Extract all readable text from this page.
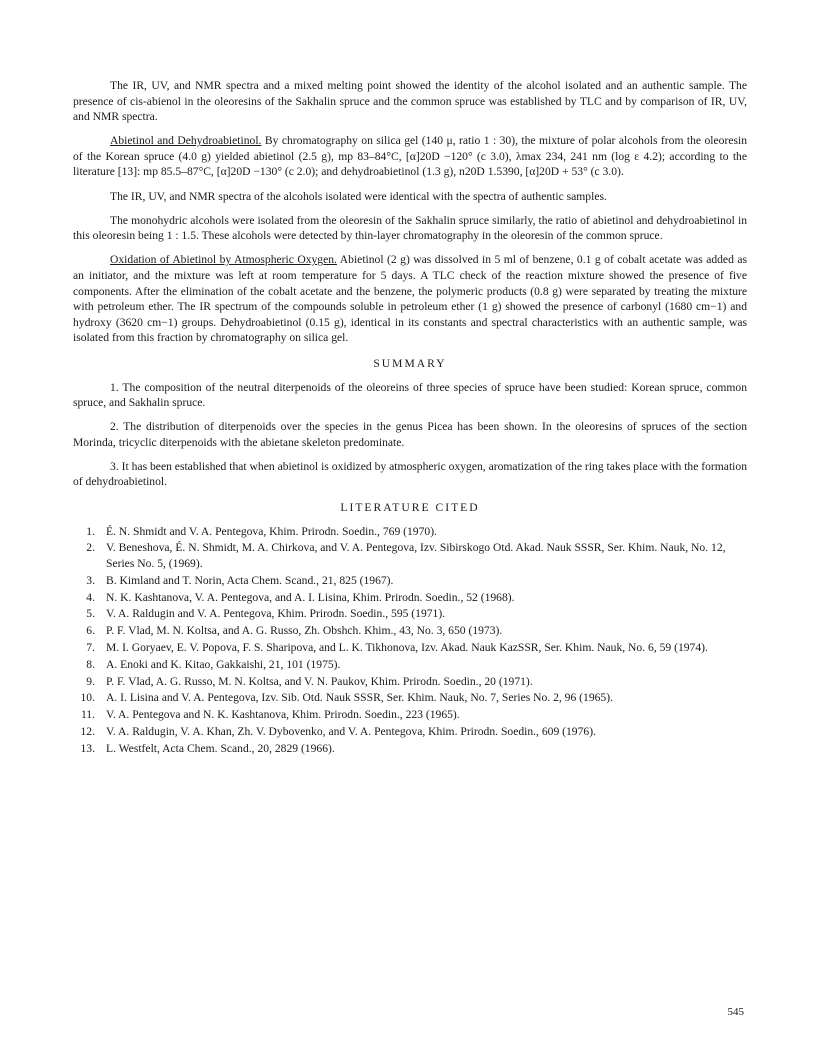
The IR, UV, and NMR spectra and a mixed melting point showed the identity of the alcohol isolated and an authentic sample. The presence of cis-abienol in the oleoresins of the Sakhalin spruce and the common spruce was established by TLC and by comparison of IR, UV, and NMR spectra.

Abietinol and Dehydroabietinol. By chromatography on silica gel (140 μ, ratio 1 : 30), the mixture of polar alcohols from the oleoresin of the Korean spruce (4.0 g) yielded abietinol (2.5 g), mp 83–84°C, [α]20D −120° (c 3.0), λmax 234, 241 nm (log ε 4.2); according to the literature [13]: mp 85.5–87°C, [α]20D −130° (c 2.0); and dehydroabietinol (1.3 g), n20D 1.5390, [α]20D + 53° (c 3.0).

The IR, UV, and NMR spectra of the alcohols isolated were identical with the spectra of authentic samples.

The monohydric alcohols were isolated from the oleoresin of the Sakhalin spruce similarly, the ratio of abietinol and dehydroabietinol in this oleoresin being 1 : 1.5. These alcohols were detected by thin-layer chromatography in the oleoresin of the common spruce.

Oxidation of Abietinol by Atmospheric Oxygen. Abietinol (2 g) was dissolved in 5 ml of benzene, 0.1 g of cobalt acetate was added as an initiator, and the mixture was left at room temperature for 5 days. A TLC check of the reaction mixture showed the presence of five components. After the elimination of the cobalt acetate and the benzene, the polymeric products (0.8 g) were separated by treating the mixture with petroleum ether. The IR spectrum of the compounds soluble in petroleum ether (1 g) showed the presence of carbonyl (1680 cm−1) and hydroxy (3620 cm−1) groups. Dehydroabietinol (0.15 g), identical in its constants and spectral characteristics with an authentic sample, was isolated from this fraction by chromatography on silica gel.

SUMMARY

1. The composition of the neutral diterpenoids of the oleoreins of three species of spruce have been studied: Korean spruce, common spruce, and Sakhalin spruce.

2. The distribution of diterpenoids over the species in the genus Picea has been shown. In the oleoresins of spruces of the section Morinda, tricyclic diterpenoids with the abietane skeleton predominate.

3. It has been established that when abietinol is oxidized by atmospheric oxygen, aromatization of the ring takes place with the formation of dehydroabietinol.

LITERATURE CITED
1. É. N. Shmidt and V. A. Pentegova, Khim. Prirodn. Soedin., 769 (1970).
2. V. Beneshova, É. N. Shmidt, M. A. Chirkova, and V. A. Pentegova, Izv. Sibirskogo Otd. Akad. Nauk SSSR, Ser. Khim. Nauk, No. 12, Series No. 5, (1969).
3. B. Kimland and T. Norin, Acta Chem. Scand., 21, 825 (1967).
4. N. K. Kashtanova, V. A. Pentegova, and A. I. Lisina, Khim. Prirodn. Soedin., 52 (1968).
5. V. A. Raldugin and V. A. Pentegova, Khim. Prirodn. Soedin., 595 (1971).
6. P. F. Vlad, M. N. Koltsa, and A. G. Russo, Zh. Obshch. Khim., 43, No. 3, 650 (1973).
7. M. I. Goryaev, E. V. Popova, F. S. Sharipova, and L. K. Tikhonova, Izv. Akad. Nauk KazSSR, Ser. Khim. Nauk, No. 6, 59 (1974).
8. A. Enoki and K. Kitao, Gakkaishi, 21, 101 (1975).
9. P. F. Vlad, A. G. Russo, M. N. Koltsa, and V. N. Paukov, Khim. Prirodn. Soedin., 20 (1971).
10. A. I. Lisina and V. A. Pentegova, Izv. Sib. Otd. Nauk SSSR, Ser. Khim. Nauk, No. 7, Series No. 2, 96 (1965).
11. V. A. Pentegova and N. K. Kashtanova, Khim. Prirodn. Soedin., 223 (1965).
12. V. A. Raldugin, V. A. Khan, Zh. V. Dybovenko, and V. A. Pentegova, Khim. Prirodn. Soedin., 609 (1976).
13. L. Westfelt, Acta Chem. Scand., 20, 2829 (1966).
545
